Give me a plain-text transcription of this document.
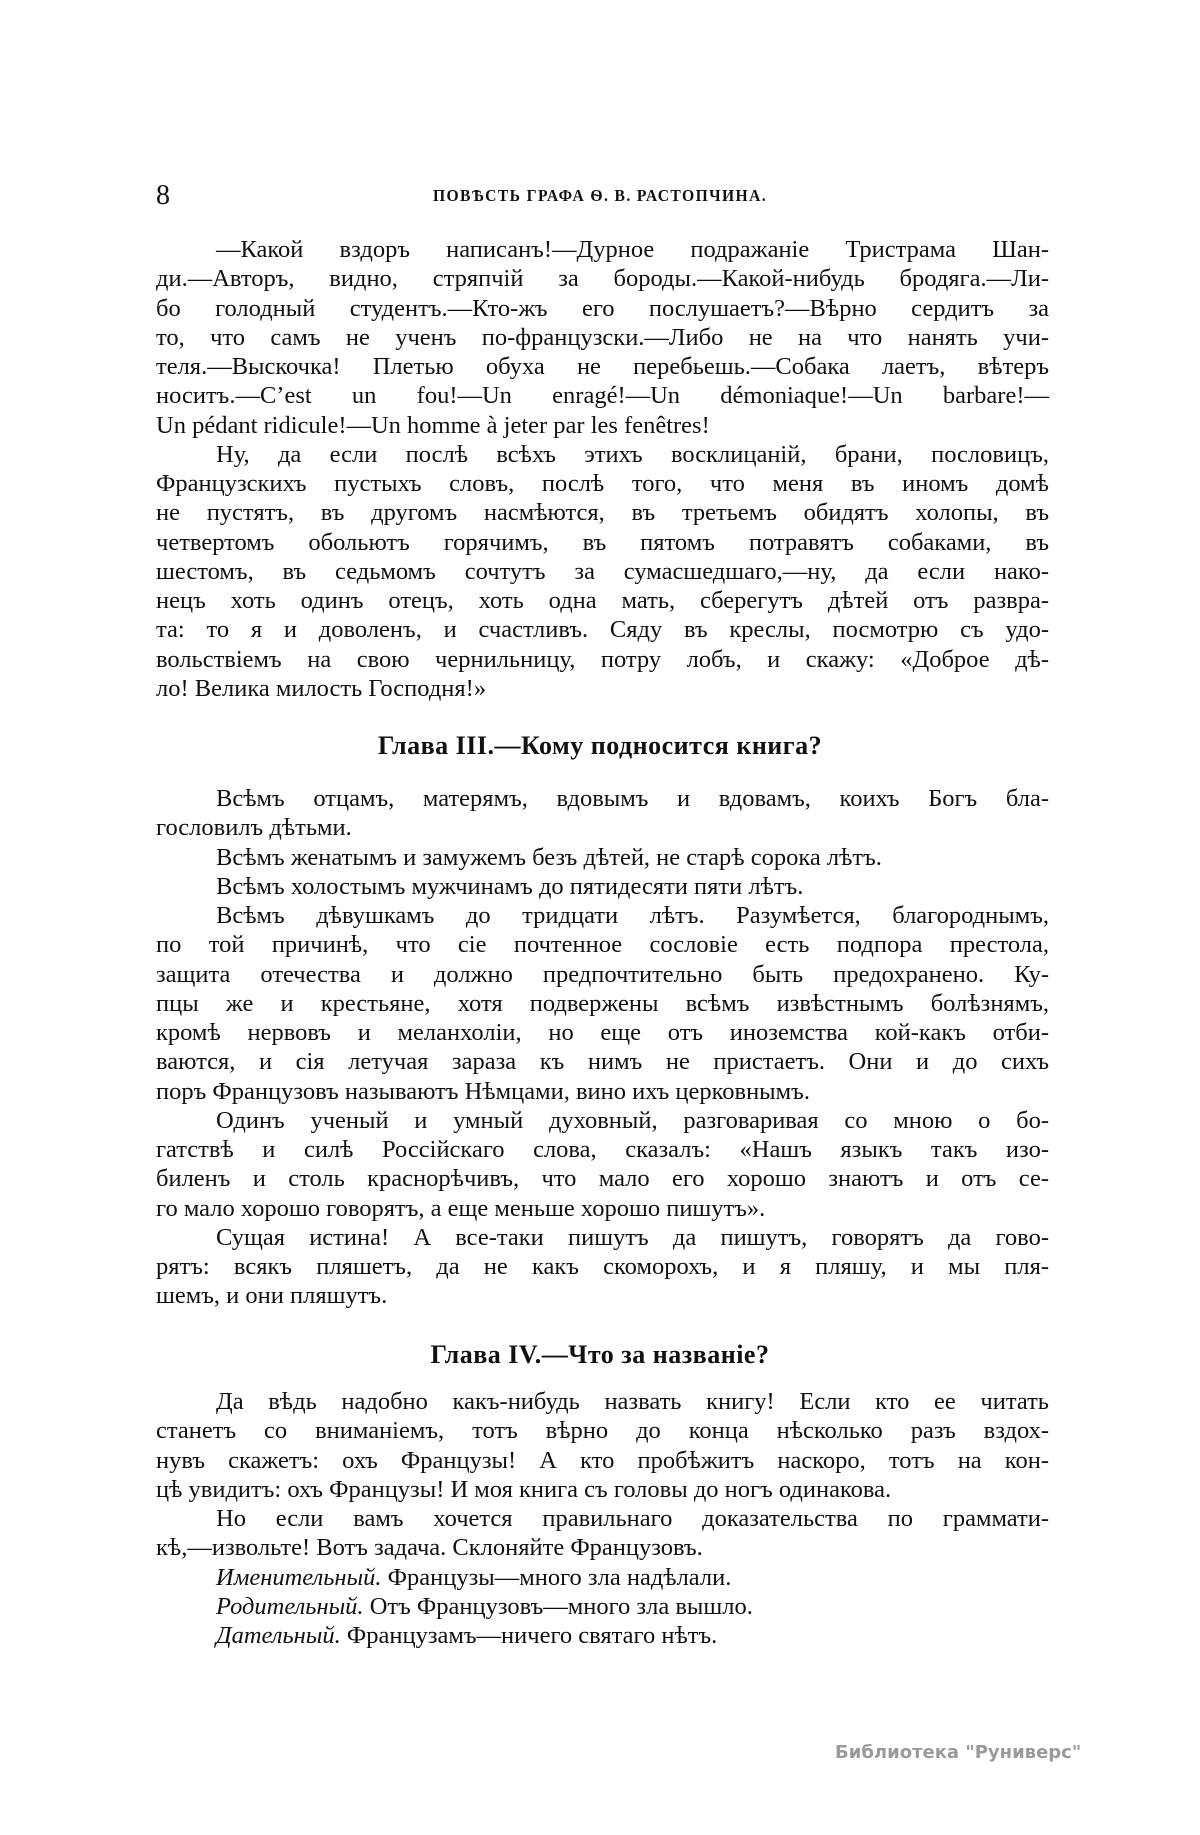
8	ПОВѢСТЬ ГРАФА Ѳ. В. РАСТОПЧИНА.
—Какой вздоръ написанъ!—Дурное подражаніе Тристрама Шан-
ди.—Авторъ, видно, стряпчій за бороды.—Какой-нибудь бродяга.—Ли-
бо голодный студентъ.—Кто-жъ его послушаетъ?—Вѣрно сердитъ за
то, что самъ не ученъ по-французски.—Либо не на что нанять учи-
теля.—Выскочка! Плетью обуха не перебьешь.—Собака лаетъ, вѣтеръ
носитъ.—C’est un fou!—Un enragé!—Un démoniaque!—Un barbare!—
Un pédant ridicule!—Un homme à jeter par les fenêtres!
Ну, да если послѣ всѣхъ этихъ восклицаній, брани, пословицъ,
Французскихъ пустыхъ словъ, послѣ того, что меня въ иномъ домѣ
не пустятъ, въ другомъ насмѣются, въ третьемъ обидятъ холопы, въ
четвертомъ обольютъ горячимъ, въ пятомъ потравятъ собаками, въ
шестомъ, въ седьмомъ сочтутъ за сумасшедшаго,—ну, да если нако-
нецъ хоть одинъ отецъ, хоть одна мать, сберегутъ дѣтей отъ развра-
та: то я и доволенъ, и счастливъ. Сяду въ креслы, посмотрю съ удо-
вольствіемъ на свою чернильницу, потру лобъ, и скажу: «Доброе дѣ-
ло! Велика милость Господня!»
Глава III.—Кому подносится книга?
Всѣмъ отцамъ, матерямъ, вдовымъ и вдовамъ, коихъ Богъ бла-
гословилъ дѣтьми.
Всѣмъ женатымъ и замужемъ безъ дѣтей, не старѣ сорока лѣтъ.
Всѣмъ холостымъ мужчинамъ до пятидесяти пяти лѣтъ.
Всѣмъ дѣвушкамъ до тридцати лѣтъ. Разумѣется, благороднымъ,
по той причинѣ, что сіе почтенное сословіе есть подпора престола,
защита отечества и должно предпочтительно быть предохранено. Ку-
пцы же и крестьяне, хотя подвержены всѣмъ извѣстнымъ болѣзнямъ,
кромѣ нервовъ и меланхоліи, но еще отъ иноземства кой-какъ отби-
ваются, и сія летучая зараза къ нимъ не пристаетъ. Они и до сихъ
поръ Французовъ называютъ Нѣмцами, вино ихъ церковнымъ.
Одинъ ученый и умный духовный, разговаривая со мною о бо-
гатствѣ и силѣ Россійскаго слова, сказалъ: «Нашъ языкъ такъ изо-
биленъ и столь краснорѣчивъ, что мало его хорошо знаютъ и отъ се-
го мало хорошо говорятъ, а еще меньше хорошо пишутъ».
Сущая истина! А все-таки пишутъ да пишутъ, говорятъ да гово-
рятъ: всякъ пляшетъ, да не какъ скоморохъ, и я пляшу, и мы пля-
шемъ, и они пляшутъ.
Глава IV.—Что за названіе?
Да вѣдь надобно какъ-нибудь назвать книгу! Если кто ее читать
станетъ со вниманіемъ, тотъ вѣрно до конца нѣсколько разъ вздох-
нувъ скажетъ: охъ Французы! А кто пробѣжитъ наскоро, тотъ на кон-
цѣ увидитъ: охъ Французы! И моя книга съ головы до ногъ одинакова.
Но если вамъ хочется правильнаго доказательства по граммати-
кѣ,—извольте! Вотъ задача. Склоняйте Французовъ.
Именительный. Французы—много зла надѣлали.
Родительный. Отъ Французовъ—много зла вышло.
Дательный. Французамъ—ничего святаго нѣтъ.
Библиотека "Руниверс"
